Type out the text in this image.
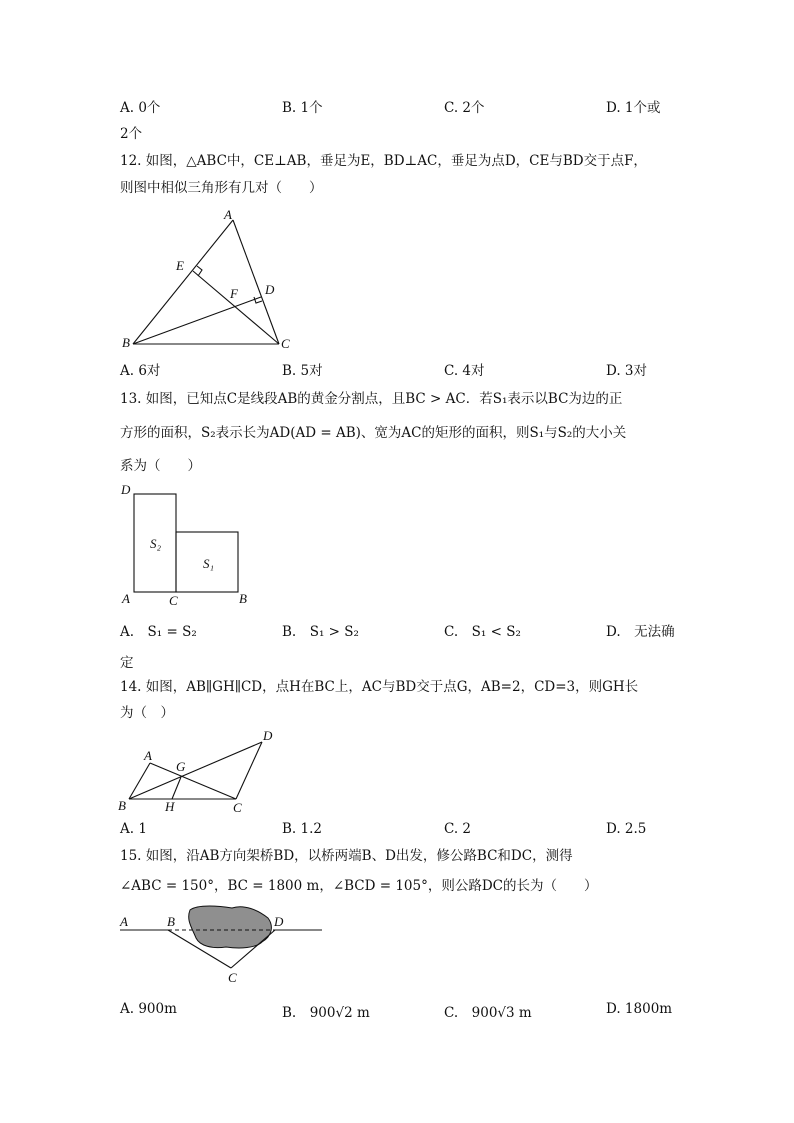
A. 0个	B. 1个	C. 2个	D. 1个或
2个
12. 如图，△ABC中，CE⊥AB，垂足为E，BD⊥AC，垂足为点D，CE与BD交于点F，
则图中相似三角形有几对（　　）
A
E
F D
B	C
A. 6对	B. 5对	C. 4对	D. 3对
13. 如图，已知点C是线段AB的黄金分割点，且BC > AC．若S₁表示以BC为边的正
方形的面积，S₂表示长为AD(AD = AB)、宽为AC的矩形的面积，则S₁与S₂的大小关
系为（　　）
D
S₂
S₁
A	C	B
A.　S₁ = S₂	B.　S₁ > S₂	C.　S₁ < S₂	D.　无法确
定
14. 如图，AB∥GH∥CD，点H在BC上，AC与BD交于点G，AB=2，CD=3，则GH长
为（　）
A
G
D
B	H	C
A. 1	B. 1.2	C. 2	D. 2.5
15. 如图，沿AB方向架桥BD，以桥两端B、D出发，修公路BC和DC，测得
∠ABC = 150°，BC = 1800 m，∠BCD = 105°，则公路DC的长为（　　）
A	B	D
C
A. 900m	B.　900√2 m	C.　900√3 m	D. 1800m
